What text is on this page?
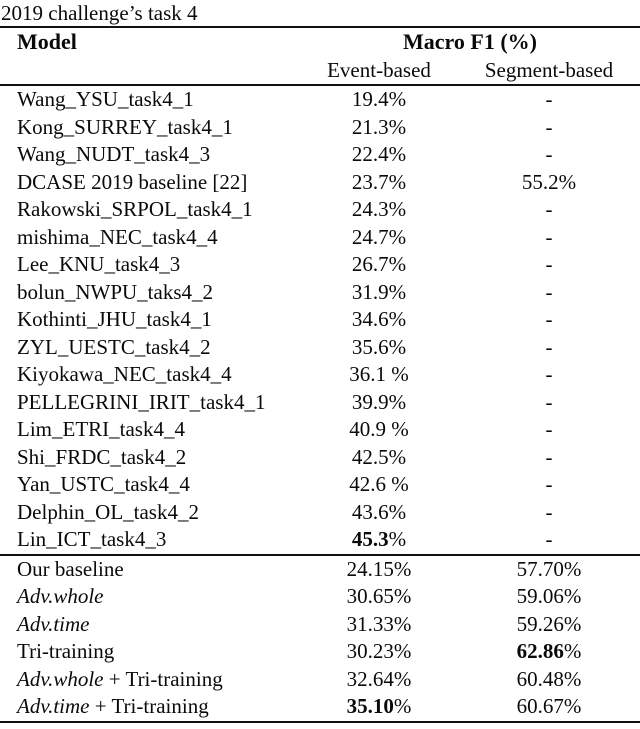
2019 challenge’s task 4
Model	Macro F1 (%)	
	Event-based	Segment-based
Wang_YSU_task4_1	19.4%	-
Kong_SURREY_task4_1	21.3%	-
Wang_NUDT_task4_3	22.4%	-
DCASE 2019 baseline [22]	23.7%	55.2%
Rakowski_SRPOL_task4_1	24.3%	-
mishima_NEC_task4_4	24.7%	-
Lee_KNU_task4_3	26.7%	-
bolun_NWPU_taks4_2	31.9%	-
Kothinti_JHU_task4_1	34.6%	-
ZYL_UESTC_task4_2	35.6%	-
Kiyokawa_NEC_task4_4	36.1 %	-
PELLEGRINI_IRIT_task4_1	39.9%	-
Lim_ETRI_task4_4	40.9 %	-
Shi_FRDC_task4_2	42.5%	-
Yan_USTC_task4_4	42.6 %	-
Delphin_OL_task4_2	43.6%	-
Lin_ICT_task4_3	45.3%	-
Our baseline	24.15%	57.70%
Adv.whole	30.65%	59.06%
Adv.time	31.33%	59.26%
Tri-training	30.23%	62.86%
Adv.whole + Tri-training	32.64%	60.48%
Adv.time + Tri-training	35.10%	60.67%
